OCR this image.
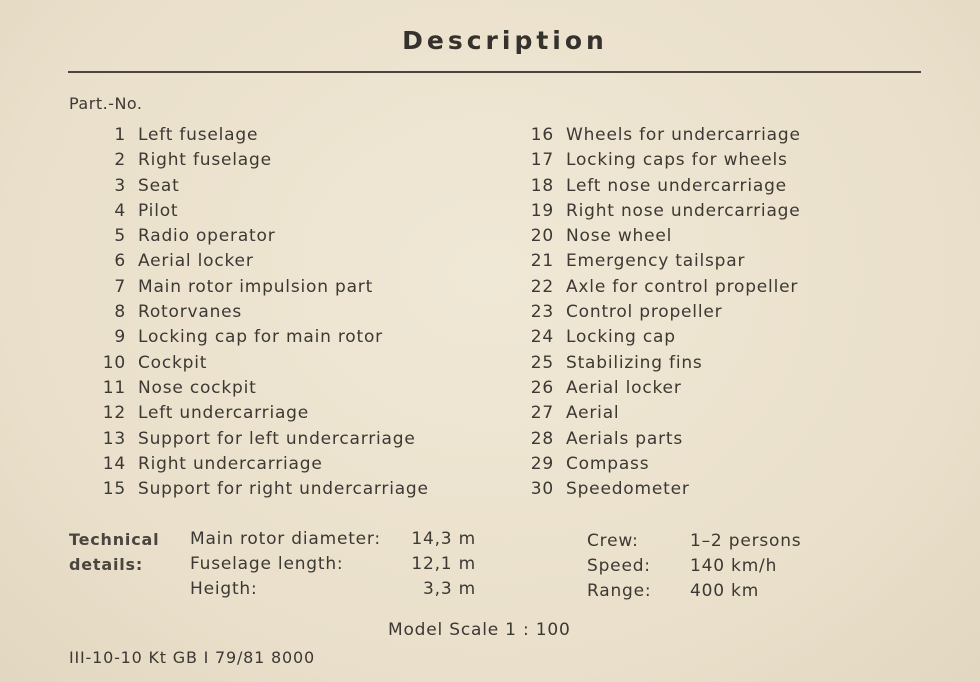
Description
Part.-No.
1 Left fuselage
2 Right fuselage
3 Seat
4 Pilot
5 Radio operator
6 Aerial locker
7 Main rotor impulsion part
8 Rotorvanes
9 Locking cap for main rotor
10 Cockpit
11 Nose cockpit
12 Left undercarriage
13 Support for left undercarriage
14 Right undercarriage
15 Support for right undercarriage
16 Wheels for undercarriage
17 Locking caps for wheels
18 Left nose undercarriage
19 Right nose undercarriage
20 Nose wheel
21 Emergency tailspar
22 Axle for control propeller
23 Control propeller
24 Locking cap
25 Stabilizing fins
26 Aerial locker
27 Aerial
28 Aerials parts
29 Compass
30 Speedometer
Technical
details:
Main rotor diameter:	14,3 m
Fuselage length:	12,1 m
Heigth:	3,3 m
Crew:	1–2 persons
Speed: 140 km/h
Range: 400 km
Model Scale 1 : 100
III-10-10 Kt GB I 79/81 8000
